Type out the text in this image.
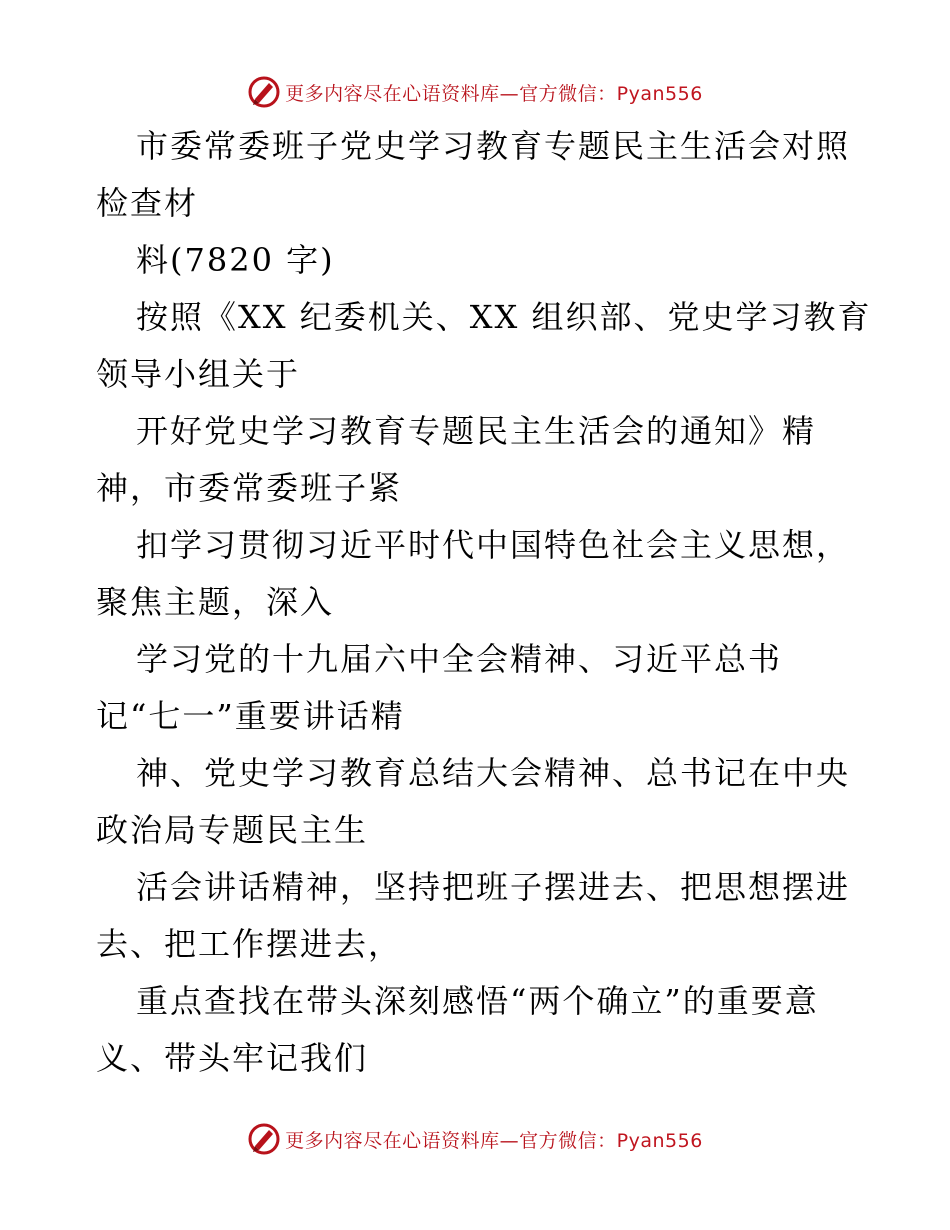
更多内容尽在心语资料库—官方微信：Pyan556
市委常委班子党史学习教育专题民主生活会对照
检查材
料(7820 字)
按照《XX 纪委机关、XX 组织部、党史学习教育
领导小组关于
开好党史学习教育专题民主生活会的通知》精
神，市委常委班子紧
扣学习贯彻习近平时代中国特色社会主义思想，
聚焦主题，深入
学习党的十九届六中全会精神、习近平总书
记“七一”重要讲话精
神、党史学习教育总结大会精神、总书记在中央
政治局专题民主生
活会讲话精神，坚持把班子摆进去、把思想摆进
去、把工作摆进去，
重点查找在带头深刻感悟“两个确立”的重要意
义、带头牢记我们
更多内容尽在心语资料库—官方微信：Pyan556
